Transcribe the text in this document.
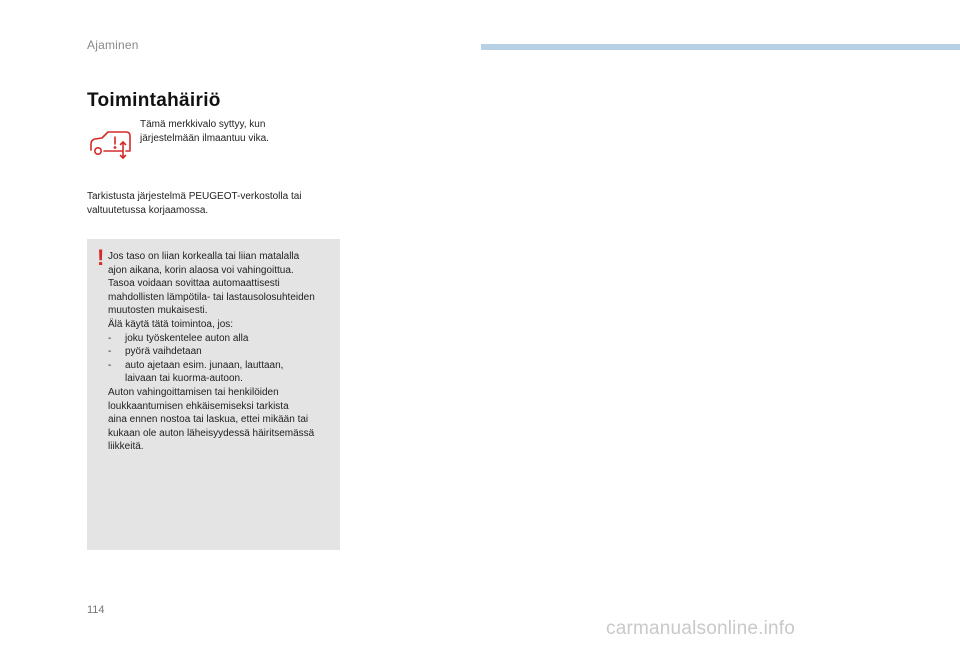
Ajaminen
Toimintahäiriö
Tämä merkkivalo syttyy, kun
järjestelmään ilmaantuu vika.
Tarkistusta järjestelmä PEUGEOT-verkostolla tai
valtuutetussa korjaamossa.
! Jos taso on liian korkealla tai liian matalalla
ajon aikana, korin alaosa voi vahingoittua.
Tasoa voidaan sovittaa automaattisesti
mahdollisten lämpötila- tai lastausolosuhteiden
muutosten mukaisesti.
Älä käytä tätä toimintoa, jos:
- joku työskentelee auton alla
- pyörä vaihdetaan
- auto ajetaan esim. junaan, lauttaan,
laivaan tai kuorma-autoon.
Auton vahingoittamisen tai henkilöiden
loukkaantumisen ehkäisemiseksi tarkista
aina ennen nostoa tai laskua, ettei mikään tai
kukaan ole auton läheisyydessä häiritsemässä
liikkeitä.
114
carmanualsonline.info
